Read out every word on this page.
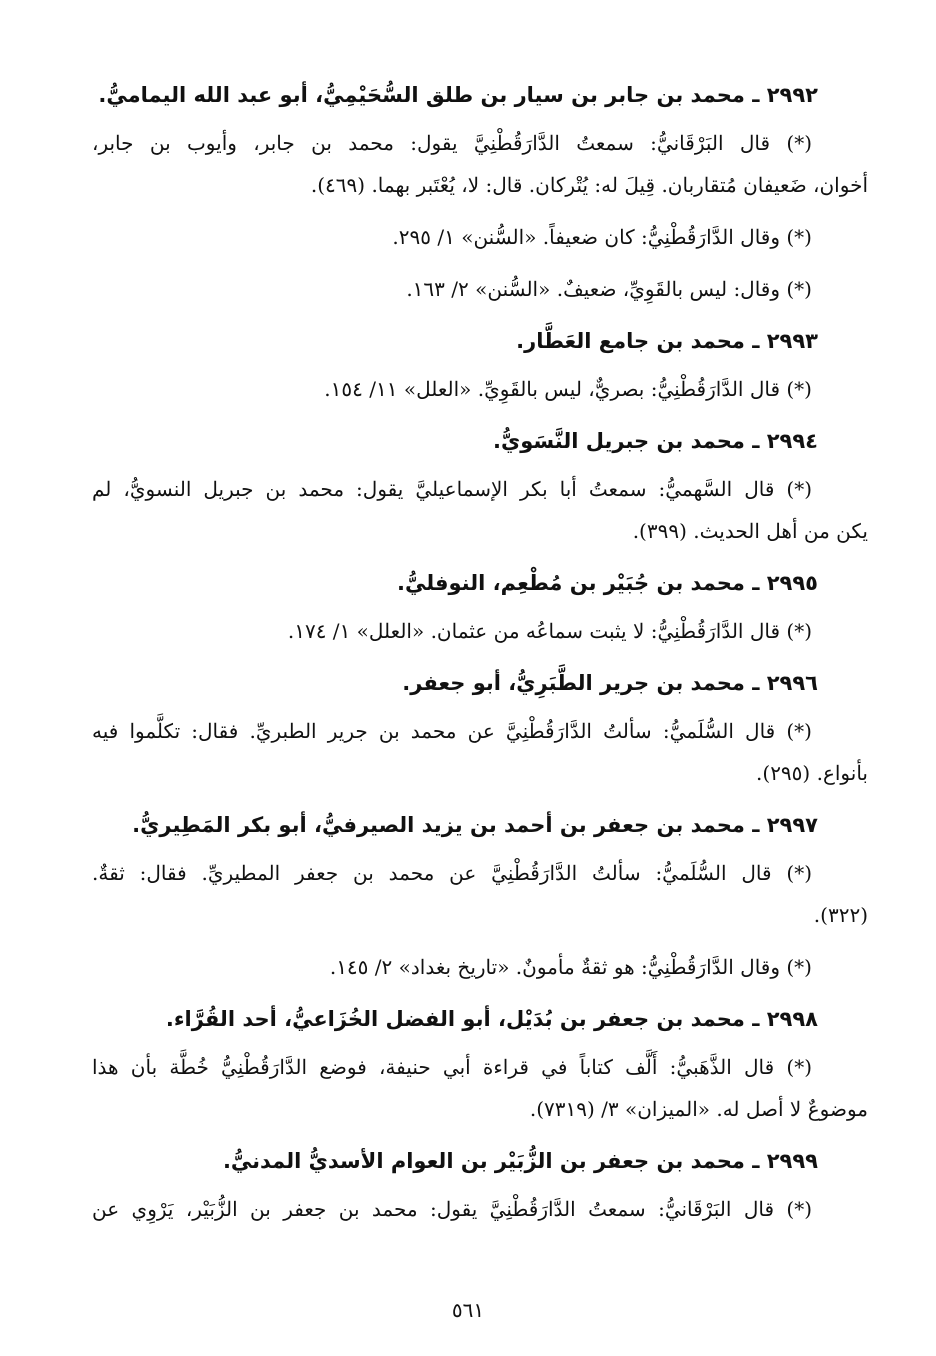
٢٩٩٢ ـ محمد بن جابر بن سيار بن طلق السُّحَيْمِيُّ، أبو عبد الله اليماميُّ.
(*) قال البَرْقَانيُّ: سمعتُ الدَّارَقُطْنِيَّ يقول: محمد بن جابر، وأيوب بن جابر،
أخوان، ضَعيفان مُتقاربان. قِيلَ له: يُتْركان. قال: لا، يُعْتَبر بهما. (٤٦٩).
(*) وقال الدَّارَقُطْنِيُّ: كان ضعيفاً. «السُّنن» ١/ ٢٩٥.
(*) وقال: ليس بالقَوِيِّ، ضعيفٌ. «السُّنن» ٢/ ١٦٣.
٢٩٩٣ ـ محمد بن جامع العَطَّار.
(*) قال الدَّارَقُطْنِيُّ: بصريٌّ، ليس بالقَوِيِّ. «العلل» ١١/ ١٥٤.
٢٩٩٤ ـ محمد بن جبريل النَّسَويُّ.
(*) قال السَّهميُّ: سمعتُ أبا بكر الإسماعيليَّ يقول: محمد بن جبريل النسويُّ، لم
يكن من أهل الحديث. (٣٩٩).
٢٩٩٥ ـ محمد بن جُبَيْر بن مُطْعِم، النوفليُّ.
(*) قال الدَّارَقُطْنِيُّ: لا يثبت سماعُه من عثمان. «العلل» ١/ ١٧٤.
٢٩٩٦ ـ محمد بن جرير الطَّبَرِيُّ، أبو جعفر.
(*) قال السُّلَميُّ: سألتُ الدَّارَقُطْنِيَّ عن محمد بن جرير الطبريِّ. فقال: تكلَّموا فيه
بأنواع. (٢٩٥).
٢٩٩٧ ـ محمد بن جعفر بن أحمد بن يزيد الصيرفيُّ، أبو بكر المَطِيريُّ.
(*) قال السُّلَميُّ: سألتُ الدَّارَقُطْنِيَّ عن محمد بن جعفر المطيريِّ. فقال: ثقةٌ.
(٣٢٢).
(*) وقال الدَّارَقُطْنِيُّ: هو ثقةٌ مأمونٌ. «تاريخ بغداد» ٢/ ١٤٥.
٢٩٩٨ ـ محمد بن جعفر بن بُدَيْل، أبو الفضل الخُزَاعيُّ، أحد القُرَّاء.
(*) قال الذَّهَبيُّ: أَلَّف كتاباً في قراءة أبي حنيفة، فوضع الدَّارَقُطْنِيُّ خُطَّة بأن هذا
موضوعٌ لا أصل له. «الميزان» ٣/ (٧٣١٩).
٢٩٩٩ ـ محمد بن جعفر بن الزُّبَيْر بن العوام الأسديُّ المدنيُّ.
(*) قال البَرْقَانيُّ: سمعتُ الدَّارَقُطْنِيَّ يقول: محمد بن جعفر بن الزُّبَيْر، يَرْوِي عن
٥٦١
